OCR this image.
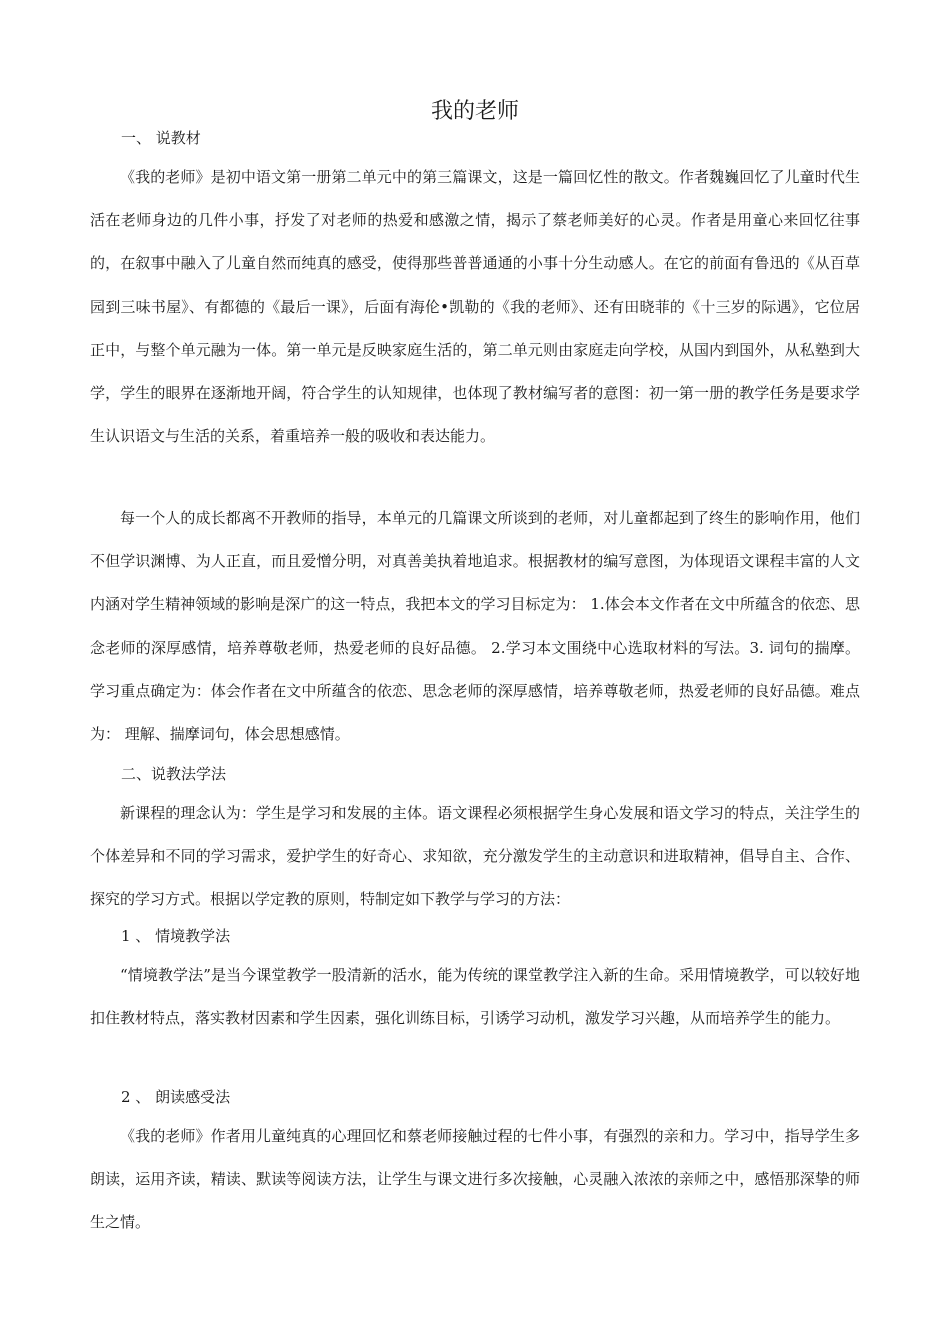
我的老师

一、 说教材

《我的老师》是初中语文第一册第二单元中的第三篇课文，这是一篇回忆性的散文。作者魏巍回忆了儿童时代生活在老师身边的几件小事，抒发了对老师的热爱和感激之情，揭示了蔡老师美好的心灵。作者是用童心来回忆往事的，在叙事中融入了儿童自然而纯真的感受，使得那些普普通通的小事十分生动感人。在它的前面有鲁迅的《从百草园到三味书屋》、有都德的《最后一课》，后面有海伦•凯勒的《我的老师》、还有田晓菲的《十三岁的际遇》，它位居正中，与整个单元融为一体。第一单元是反映家庭生活的，第二单元则由家庭走向学校，从国内到国外，从私塾到大学，学生的眼界在逐渐地开阔，符合学生的认知规律，也体现了教材编写者的意图：初一第一册的教学任务是要求学生认识语文与生活的关系，着重培养一般的吸收和表达能力。

每一个人的成长都离不开教师的指导，本单元的几篇课文所谈到的老师，对儿童都起到了终生的影响作用，他们不但学识渊博、为人正直，而且爱憎分明，对真善美执着地追求。根据教材的编写意图，为体现语文课程丰富的人文内涵对学生精神领域的影响是深广的这一特点，我把本文的学习目标定为： 1.体会本文作者在文中所蕴含的依恋、思念老师的深厚感情，培养尊敬老师，热爱老师的良好品德。 2.学习本文围绕中心选取材料的写法。3. 词句的揣摩。学习重点确定为：体会作者在文中所蕴含的依恋、思念老师的深厚感情，培养尊敬老师，热爱老师的良好品德。难点为： 理解、揣摩词句，体会思想感情。

二、说教法学法

新课程的理念认为：学生是学习和发展的主体。语文课程必须根据学生身心发展和语文学习的特点，关注学生的个体差异和不同的学习需求，爱护学生的好奇心、求知欲，充分激发学生的主动意识和进取精神，倡导自主、合作、探究的学习方式。根据以学定教的原则，特制定如下教学与学习的方法：

1 、 情境教学法

“情境教学法”是当今课堂教学一股清新的活水，能为传统的课堂教学注入新的生命。采用情境教学，可以较好地扣住教材特点，落实教材因素和学生因素，强化训练目标，引诱学习动机，激发学习兴趣，从而培养学生的能力。

2 、 朗读感受法

《我的老师》作者用儿童纯真的心理回忆和蔡老师接触过程的七件小事，有强烈的亲和力。学习中，指导学生多朗读，运用齐读，精读、默读等阅读方法，让学生与课文进行多次接触，心灵融入浓浓的亲师之中，感悟那深挚的师生之情。
